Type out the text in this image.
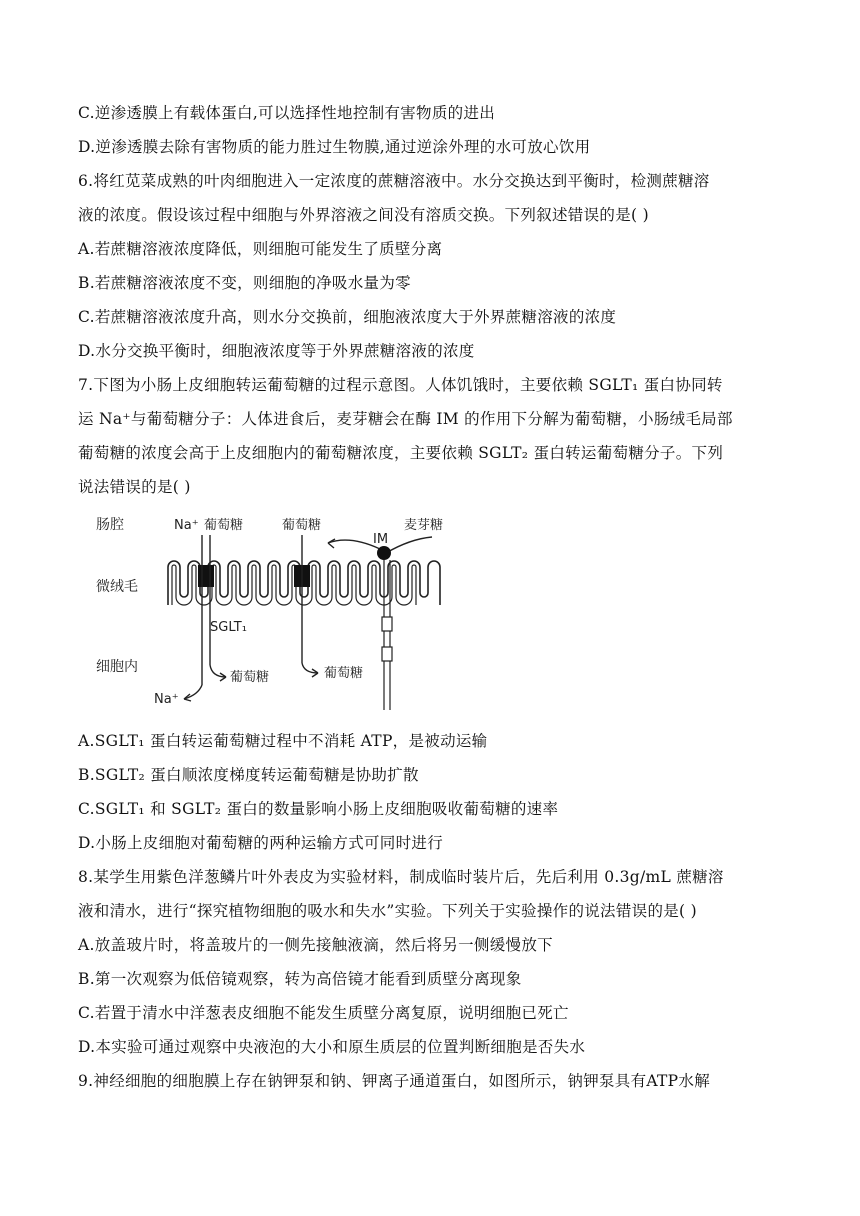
C.逆渗透膜上有载体蛋白,可以选择性地控制有害物质的进出
D.逆渗透膜去除有害物质的能力胜过生物膜,通过逆涂外理的水可放心饮用
6.将红苋菜成熟的叶肉细胞进入一定浓度的蔗糖溶液中。水分交换达到平衡时，检测蔗糖溶
液的浓度。假设该过程中细胞与外界溶液之间没有溶质交换。下列叙述错误的是( )
A.若蔗糖溶液浓度降低，则细胞可能发生了质壁分离
B.若蔗糖溶液浓度不变，则细胞的净吸水量为零
C.若蔗糖溶液浓度升高，则水分交换前，细胞液浓度大于外界蔗糖溶液的浓度
D.水分交换平衡时，细胞液浓度等于外界蔗糖溶液的浓度
7.下图为小肠上皮细胞转运葡萄糖的过程示意图。人体饥饿时，主要依赖 SGLT₁ 蛋白协同转
运 Na⁺与葡萄糖分子：人体进食后，麦芽糖会在酶 IM 的作用下分解为葡萄糖，小肠绒毛局部
葡萄糖的浓度会高于上皮细胞内的葡萄糖浓度，主要依赖 SGLT₂ 蛋白转运葡萄糖分子。下列
说法错误的是( )
肠腔
微绒毛
细胞内
Na⁺ 葡萄糖	葡萄糖	麦芽糖
SGLT₁
葡萄糖
Na⁺
葡萄糖
IM
A.SGLT₁ 蛋白转运葡萄糖过程中不消耗 ATP，是被动运输
B.SGLT₂ 蛋白顺浓度梯度转运葡萄糖是协助扩散
C.SGLT₁ 和 SGLT₂ 蛋白的数量影响小肠上皮细胞吸收葡萄糖的速率
D.小肠上皮细胞对葡萄糖的两种运输方式可同时进行
8.某学生用紫色洋葱鳞片叶外表皮为实验材料，制成临时装片后，先后利用 0.3g/mL 蔗糖溶
液和清水，进行“探究植物细胞的吸水和失水”实验。下列关于实验操作的说法错误的是( )
A.放盖玻片时，将盖玻片的一侧先接触液滴，然后将另一侧缓慢放下
B.第一次观察为低倍镜观察，转为高倍镜才能看到质壁分离现象
C.若置于清水中洋葱表皮细胞不能发生质壁分离复原，说明细胞已死亡
D.本实验可通过观察中央液泡的大小和原生质层的位置判断细胞是否失水
9.神经细胞的细胞膜上存在钠钾泵和钠、钾离子通道蛋白，如图所示，钠钾泵具有ATP水解
